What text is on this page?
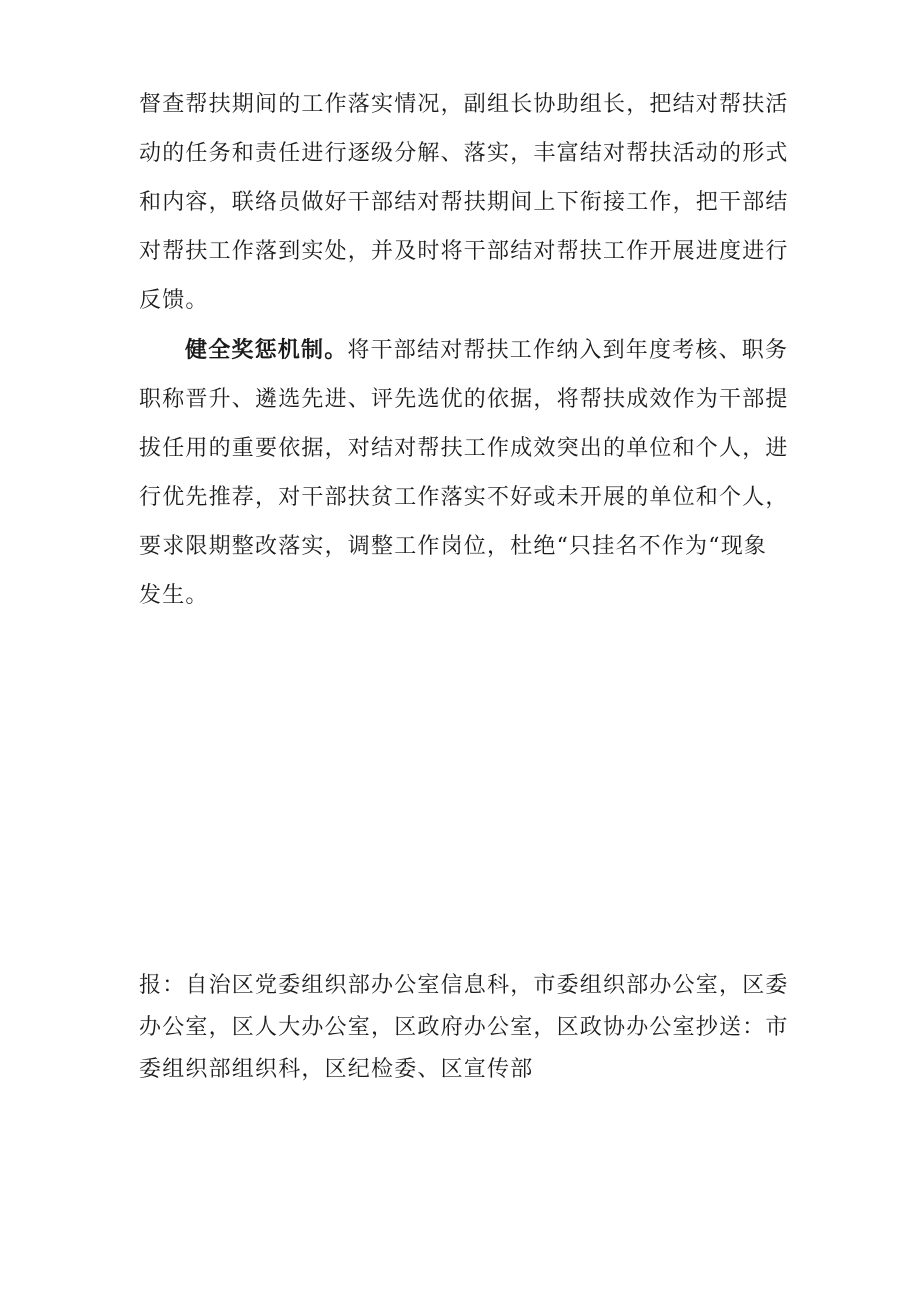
督查帮扶期间的工作落实情况，副组长协助组长，把结对帮扶活
动的任务和责任进行逐级分解、落实，丰富结对帮扶活动的形式
和内容，联络员做好干部结对帮扶期间上下衔接工作，把干部结
对帮扶工作落到实处，并及时将干部结对帮扶工作开展进度进行
反馈。

健全奖惩机制。将干部结对帮扶工作纳入到年度考核、职务

职称晋升、遴选先进、评先选优的依据，将帮扶成效作为干部提
拔任用的重要依据，对结对帮扶工作成效突出的单位和个人，进
行优先推荐，对干部扶贫工作落实不好或未开展的单位和个人，
要求限期整改落实，调整工作岗位，杜绝“只挂名不作为“现象
发生。

报：自治区党委组织部办公室信息科，市委组织部办公室，区委
办公室，区人大办公室，区政府办公室，区政协办公室抄送：市
委组织部组织科，区纪检委、区宣传部
